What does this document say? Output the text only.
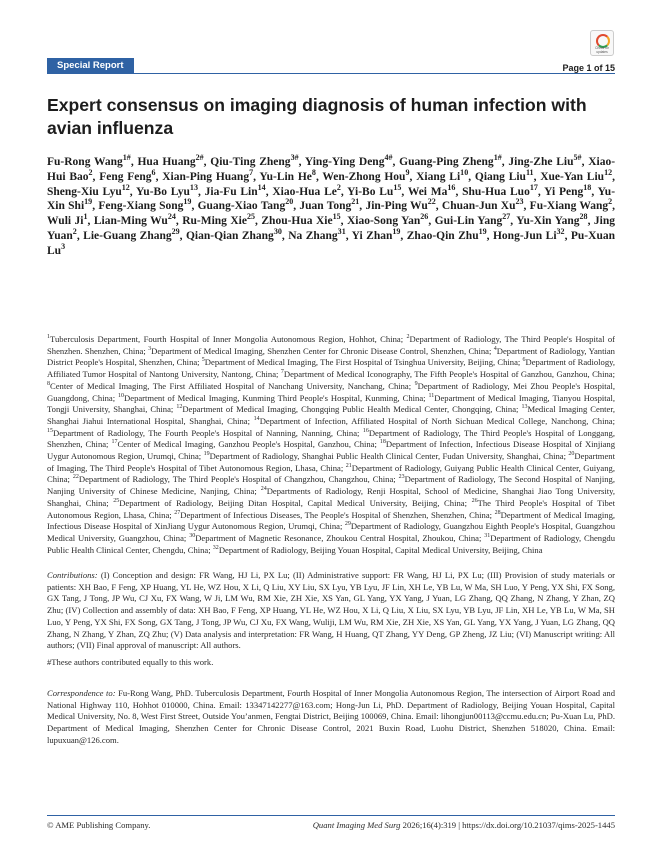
Special Report
Check for updates
Page 1 of 15
Expert consensus on imaging diagnosis of human infection with avian influenza

Fu-Rong Wang$^{1\#}$, Hua Huang$^{2\#}$, Qiu-Ting Zheng$^{3\#}$, Ying-Ying Deng$^{4\#}$, Guang-Ping Zheng$^{1\#}$, Jing-Zhe Liu$^{5\#}$, Xiao-Hui Bao$^2$, Feng Feng$^6$, Xian-Ping Huang$^7$, Yu-Lin He$^8$, Wen-Zhong Hou$^9$, Xiang Li$^{10}$, Qiang Liu$^{11}$, Xue-Yan Liu$^{12}$, Sheng-Xiu Lyu$^{12}$, Yu-Bo Lyu$^{13}$, Jia-Fu Lin$^{14}$, Xiao-Hua Le$^2$, Yi-Bo Lu$^{15}$, Wei Ma$^{16}$, Shu-Hua Luo$^{17}$, Yi Peng$^{18}$, Yu-Xin Shi$^{19}$, Feng-Xiang Song$^{19}$, Guang-Xiao Tang$^{20}$, Juan Tong$^{21}$, Jin-Ping Wu$^{22}$, Chuan-Jun Xu$^{23}$, Fu-Xiang Wang$^2$, Wuli Ji$^1$, Lian-Ming Wu$^{24}$, Ru-Ming Xie$^{25}$, Zhou-Hua Xie$^{15}$, Xiao-Song Yan$^{26}$, Gui-Lin Yang$^{27}$, Yu-Xin Yang$^{28}$, Jing Yuan$^2$, Lie-Guang Zhang$^{29}$, Qian-Qian Zhang$^{30}$, Na Zhang$^{31}$, Yi Zhan$^{19}$, Zhao-Qin Zhu$^{19}$, Hong-Jun Li$^{32}$, Pu-Xuan Lu$^3$

$^1$Tuberculosis Department, Fourth Hospital of Inner Mongolia Autonomous Region, Hohhot, China; $^2$Department of Radiology, The Third People's Hospital of Shenzhen. Shenzhen, China; $^3$Department of Medical Imaging, Shenzhen Center for Chronic Disease Control, Shenzhen, China; $^4$Department of Radiology, Yantian District People's Hospital, Shenzhen, China; $^5$Department of Medical Imaging, The First Hospital of Tsinghua University, Beijing, China; $^6$Department of Radiology, Affiliated Tumor Hospital of Nantong University, Nantong, China; $^7$Department of Medical Iconography, The Fifth People's Hospital of Ganzhou, Ganzhou, China; $^8$Center of Medical Imaging, The First Affiliated Hospital of Nanchang University, Nanchang, China; $^9$Department of Radiology, Mei Zhou People's Hospital, Guangdong, China; $^{10}$Department of Medical Imaging, Kunming Third People's Hospital, Kunming, China; $^{11}$Department of Medical Imaging, Tianyou Hospital, Tongji University, Shanghai, China; $^{12}$Department of Medical Imaging, Chongqing Public Health Medical Center, Chongqing, China; $^{13}$Medical Imaging Center, Shanghai Jiahui International Hospital, Shanghai, China; $^{14}$Department of Infection, Affiliated Hospital of North Sichuan Medical College, Nanchong, China; $^{15}$Department of Radiology, The Fourth People's Hospital of Nanning, Nanning, China; $^{16}$Department of Radiology, The Third People's Hospital of Longgang, Shenzhen, China; $^{17}$Center of Medical Imaging, Ganzhou People's Hospital, Ganzhou, China; $^{18}$Department of Infection, Infectious Disease Hospital of Xinjiang Uygur Autonomous Region, Urumqi, China; $^{19}$Department of Radiology, Shanghai Public Health Clinical Center, Fudan University, Shanghai, China; $^{20}$Department of Imaging, The Third People's Hospital of Tibet Autonomous Region, Lhasa, China; $^{21}$Department of Radiology, Guiyang Public Health Clinical Center, Guiyang, China; $^{22}$Department of Radiology, The Third People's Hospital of Changzhou, Changzhou, China; $^{23}$Department of Radiology, The Second Hospital of Nanjing, Nanjing University of Chinese Medicine, Nanjing, China; $^{24}$Departments of Radiology, Renji Hospital, School of Medicine, Shanghai Jiao Tong University, Shanghai, China; $^{25}$Department of Radiology, Beijing Ditan Hospital, Capital Medical University, Beijing, China; $^{26}$The Third People's Hospital of Tibet Autonomous Region, Lhasa, China; $^{27}$Department of Infectious Diseases, The People's Hospital of Shenzhen, Shenzhen, China; $^{28}$Department of Medical Imaging, Infectious Disease Hospital of XinJiang Uygur Autonomous Region, Urumqi, China; $^{29}$Department of Radiology, Guangzhou Eighth People's Hospital, Guangzhou Medical University, Guangzhou, China; $^{30}$Department of Magnetic Resonance, Zhoukou Central Hospital, Zhoukou, China; $^{31}$Department of Radiology, Chengdu Public Health Clinical Center, Chengdu, China; $^{32}$Department of Radiology, Beijing Youan Hospital, Capital Medical University, Beijing, China

Contributions: (I) Conception and design: FR Wang, HJ Li, PX Lu; (II) Administrative support: FR Wang, HJ Li, PX Lu; (III) Provision of study materials or patients: XH Bao, F Feng, XP Huang, YL He, WZ Hou, X Li, Q Liu, XY Liu, SX Lyu, YB Lyu, JF Lin, XH Le, YB Lu, W Ma, SH Luo, Y Peng, YX Shi, FX Song, GX Tang, J Tong, JP Wu, CJ Xu, FX Wang, W Ji, LM Wu, RM Xie, ZH Xie, XS Yan, GL Yang, YX Yang, J Yuan, LG Zhang, QQ Zhang, N Zhang, Y Zhan, ZQ Zhu; (IV) Collection and assembly of data: XH Bao, F Feng, XP Huang, YL He, WZ Hou, X Li, Q Liu, X Liu, SX Lyu, YB Lyu, JF Lin, XH Le, YB Lu, W Ma, SH Luo, Y Peng, YX Shi, FX Song, GX Tang, J Tong, JP Wu, CJ Xu, FX Wang, Wuliji, LM Wu, RM Xie, ZH Xie, XS Yan, GL Yang, YX Yang, J Yuan, LG Zhang, QQ Zhang, N Zhang, Y Zhan, ZQ Zhu; (V) Data analysis and interpretation: FR Wang, H Huang, QT Zhang, YY Deng, GP Zheng, JZ Liu; (VI) Manuscript writing: All authors; (VII) Final approval of manuscript: All authors.

#These authors contributed equally to this work.

Correspondence to: Fu-Rong Wang, PhD. Tuberculosis Department, Fourth Hospital of Inner Mongolia Autonomous Region, The intersection of Airport Road and National Highway 110, Hohhot 010000, China. Email: 13347142277@163.com; Hong-Jun Li, PhD. Department of Radiology, Beijing Youan Hospital, Capital Medical University, No. 8, West First Street, Outside You’anmen, Fengtai District, Beijing 100069, China. Email: lihongjun00113@ccmu.edu.cn; Pu-Xuan Lu, PhD. Department of Medical Imaging, Shenzhen Center for Chronic Disease Control, 2021 Buxin Road, Luohu District, Shenzhen 518020, China. Email: lupuxuan@126.com.

© AME Publishing Company.	Quant Imaging Med Surg 2026;16(4):319 | https://dx.doi.org/10.21037/qims-2025-1445
